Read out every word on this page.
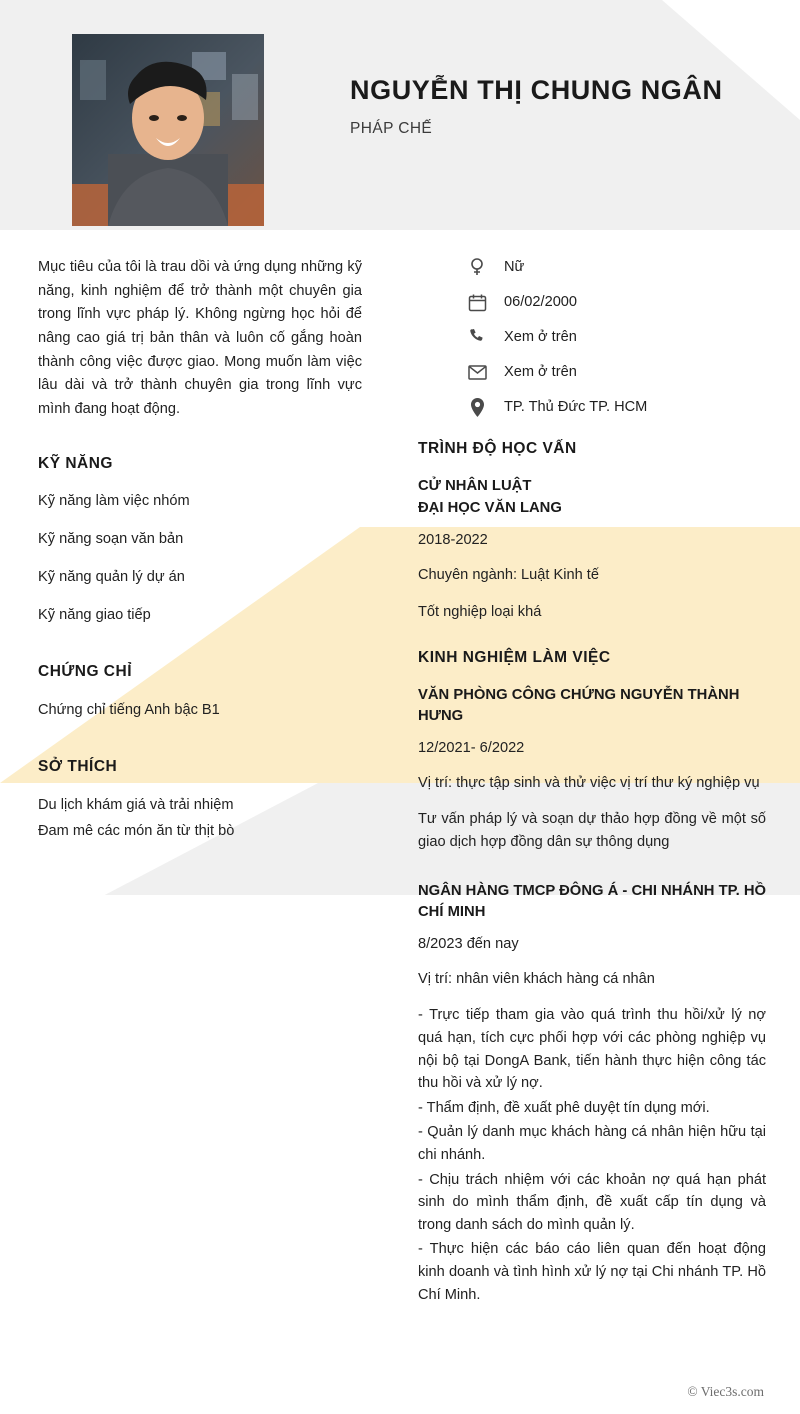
NGUYỄN THỊ CHUNG NGÂN

PHÁP CHẾ

Mục tiêu của tôi là trau dồi và ứng dụng những kỹ năng, kinh nghiệm để trở thành một chuyên gia trong lĩnh vực pháp lý. Không ngừng học hỏi để nâng cao giá trị bản thân và luôn cố gắng hoàn thành công việc được giao. Mong muốn làm việc lâu dài và trở thành chuyên gia trong lĩnh vực mình đang hoạt động.

KỸ NĂNG
Kỹ năng làm việc nhóm
Kỹ năng soạn văn bản
Kỹ năng quản lý dự án
Kỹ năng giao tiếp
CHỨNG CHỈ
Chứng chỉ tiếng Anh bậc B1
SỞ THÍCH
Du lịch khám giá và trải nhiệm
Đam mê các món ăn từ thịt bò
Nữ
06/02/2000
Xem ở trên
Xem ở trên
TP. Thủ Đức TP. HCM
TRÌNH ĐỘ HỌC VẤN

CỬ NHÂN LUẬT

ĐẠI HỌC VĂN LANG

2018-2022

Chuyên ngành: Luật Kinh tế

Tốt nghiệp loại khá

KINH NGHIỆM LÀM VIỆC

VĂN PHÒNG CÔNG CHỨNG NGUYỄN THÀNH HƯNG

12/2021- 6/2022

Vị trí: thực tập sinh và thử việc vị trí thư ký nghiệp vụ

Tư vấn pháp lý và soạn dự thảo hợp đồng về một số giao dịch hợp đồng dân sự thông dụng

NGÂN HÀNG TMCP ĐÔNG Á - CHI NHÁNH TP. HỒ CHÍ MINH

8/2023 đến nay

Vị trí: nhân viên khách hàng cá nhân

- Trực tiếp tham gia vào quá trình thu hồi/xử lý nợ quá hạn, tích cực phối hợp với các phòng nghiệp vụ nội bộ tại DongA Bank, tiến hành thực hiện công tác thu hồi và xử lý nợ.

- Thẩm định, đề xuất phê duyệt tín dụng mới.

- Quản lý danh mục khách hàng cá nhân hiện hữu tại chi nhánh.

- Chịu trách nhiệm với các khoản nợ quá hạn phát sinh do mình thẩm định, đề xuất cấp tín dụng và trong danh sách do mình quản lý.

- Thực hiện các báo cáo liên quan đến hoạt động kinh doanh và tình hình xử lý nợ tại Chi nhánh TP. Hồ Chí Minh.

© Viec3s.com
